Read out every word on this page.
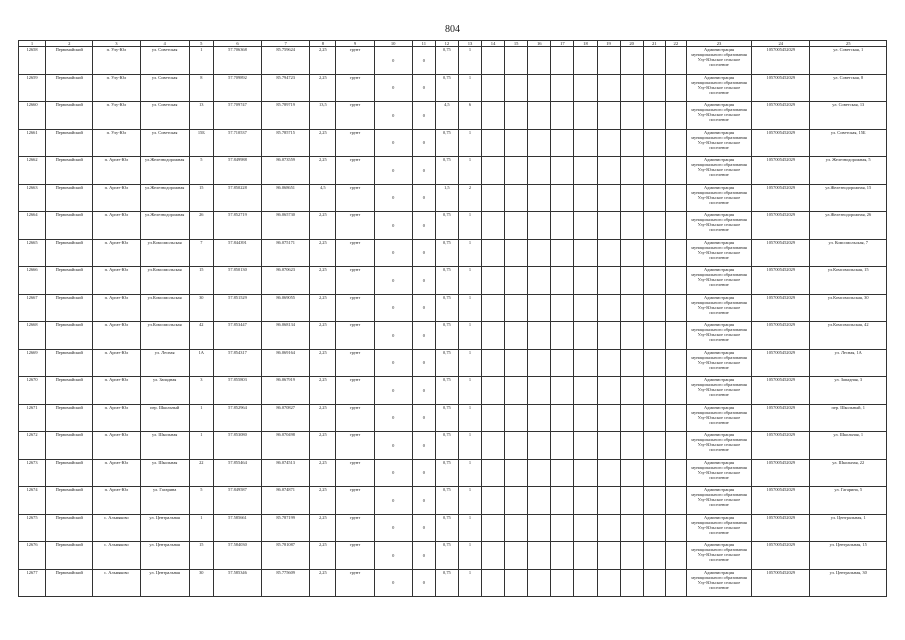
804
1	2	3	4	5	6	7	8	9	10	11	12	13	14	15	16	17	18	19	20	21	22	23	24	25
12658	Первомайский	п. Улу-Юл	ул. Советская	1	57.706368	85.759624	2,25	грунт	0	0	0,75	1										Администрация муниципального образования Улу-Юльское сельское поселение	1057005452029	ул. Советская, 1
12659	Первомайский	п. Улу-Юл	ул. Советская	8	57.709892	85.794723	2,25	грунт	0	0	0,75	1										Администрация муниципального образования Улу-Юльское сельское поселение	1057005452029	ул. Советская, 8
12660	Первомайский	п. Улу-Юл	ул. Советская	13	57.709747	85.789719	13,5	грунт	0	0	4,5	6										Администрация муниципального образования Улу-Юльское сельское поселение	1057005452029	ул. Советская, 13
12661	Первомайский	п. Улу-Юл	ул. Советская	15Б	57.710537	85.785715	2,25	грунт	0	0	0,75	1										Администрация муниципального образования Улу-Юльское сельское поселение	1057005452029	ул. Советская, 15Б
12662	Первомайский	п. Аргат-Юл	ул.Железнодорожная	5	57.849988	86.073559	2,25	грунт	0	0	0,75	1										Администрация муниципального образования Улу-Юльское сельское поселение	1057005452029	ул. Железнодорожная, 5
12663	Первомайский	п. Аргат-Юл	ул.Железнодорожная	15	57.850228	86.068651	4,5	грунт	0	0	1,5	2										Администрация муниципального образования Улу-Юльское сельское поселение	1057005452029	ул.Железнодорожная, 15
12664	Первомайский	п. Аргат-Юл	ул.Железнодорожная	26	57.852719	86.065730	2,25	грунт	0	0	0,75	1										Администрация муниципального образования Улу-Юльское сельское поселение	1057005452029	ул.Железнодорожная, 26
12665	Первомайский	п. Аргат-Юл	ул.Комсомольская	7	57.844391	86.075171	2,25	грунт	0	0	0,75	1										Администрация муниципального образования Улу-Юльское сельское поселение	1057005452029	ул. Комсомольская, 7
12666	Первомайский	п. Аргат-Юл	ул.Комсомольская	15	57.850130	86.070623	2,25	грунт	0	0	0,75	1										Администрация муниципального образования Улу-Юльское сельское поселение	1057005452029	ул.Комсомольская, 15
12667	Первомайский	п. Аргат-Юл	ул.Комсомольская	30	57.851529	86.069055	2,25	грунт	0	0	0,75	1										Администрация муниципального образования Улу-Юльское сельское поселение	1057005452029	ул.Комсомольская, 30
12668	Первомайский	п. Аргат-Юл	ул.Комсомольская	42	57.853447	86.068134	2,25	грунт	0	0	0,75	1										Администрация муниципального образования Улу-Юльское сельское поселение	1057005452029	ул.Комсомольская, 42
12669	Первомайский	п. Аргат-Юл	ул. Лесная	1А	57.854317	86.069164	2,25	грунт	0	0	0,75	1										Администрация муниципального образования Улу-Юльское сельское поселение	1057005452029	ул. Лесная, 1А
12670	Первомайский	п. Аргат-Юл	ул. Западная	3	57.855803	86.067919	2,25	грунт	0	0	0,75	1										Администрация муниципального образования Улу-Юльское сельское поселение	1057005452029	ул. Западная, 3
12671	Первомайский	п. Аргат-Юл	пер. Школьный	1	57.852964	86.070827	2,25	грунт	0	0	0,75	1										Администрация муниципального образования Улу-Юльское сельское поселение	1057005452029	пер. Школьный, 1
12672	Первомайский	п. Аргат-Юл	ул. Школьная	1	57.853080	86.070498	2,25	грунт	0	0	0,75	1										Администрация муниципального образования Улу-Юльское сельское поселение	1057005452029	ул. Школьная, 1
12673	Первомайский	п. Аргат-Юл	ул. Школьная	22	57.855464	86.074513	2,25	грунт	0	0	0,75	1										Администрация муниципального образования Улу-Юльское сельское поселение	1057005452029	ул. Школьная, 22
12674	Первомайский	п. Аргат-Юл	ул. Гагарина	5	57.849587	86.074871	2,25	грунт	0	0	0,75	1										Администрация муниципального образования Улу-Юльское сельское поселение	1057005452029	ул. Гагарина, 5
12675	Первомайский	с. Альмяково	ул. Центральная	1	57.585661	85.787199	2,25	грунт	0	0	0,75	1										Администрация муниципального образования Улу-Юльское сельское поселение	1057005452029	ул. Центральная, 1
12676	Первомайский	с. Альмяково	ул. Центральная	15	57.584030	85.781087	2,25	грунт	0	0	0,75	1										Администрация муниципального образования Улу-Юльское сельское поселение	1057005452029	ул. Центральная, 15
12677	Первомайский	с. Альмяково	ул. Центральная	30	57.585346	85.775609	2,25	грунт	0	0	0,75	1										Администрация муниципального образования Улу-Юльское сельское поселение	1057005452029	ул. Центральная, 30
